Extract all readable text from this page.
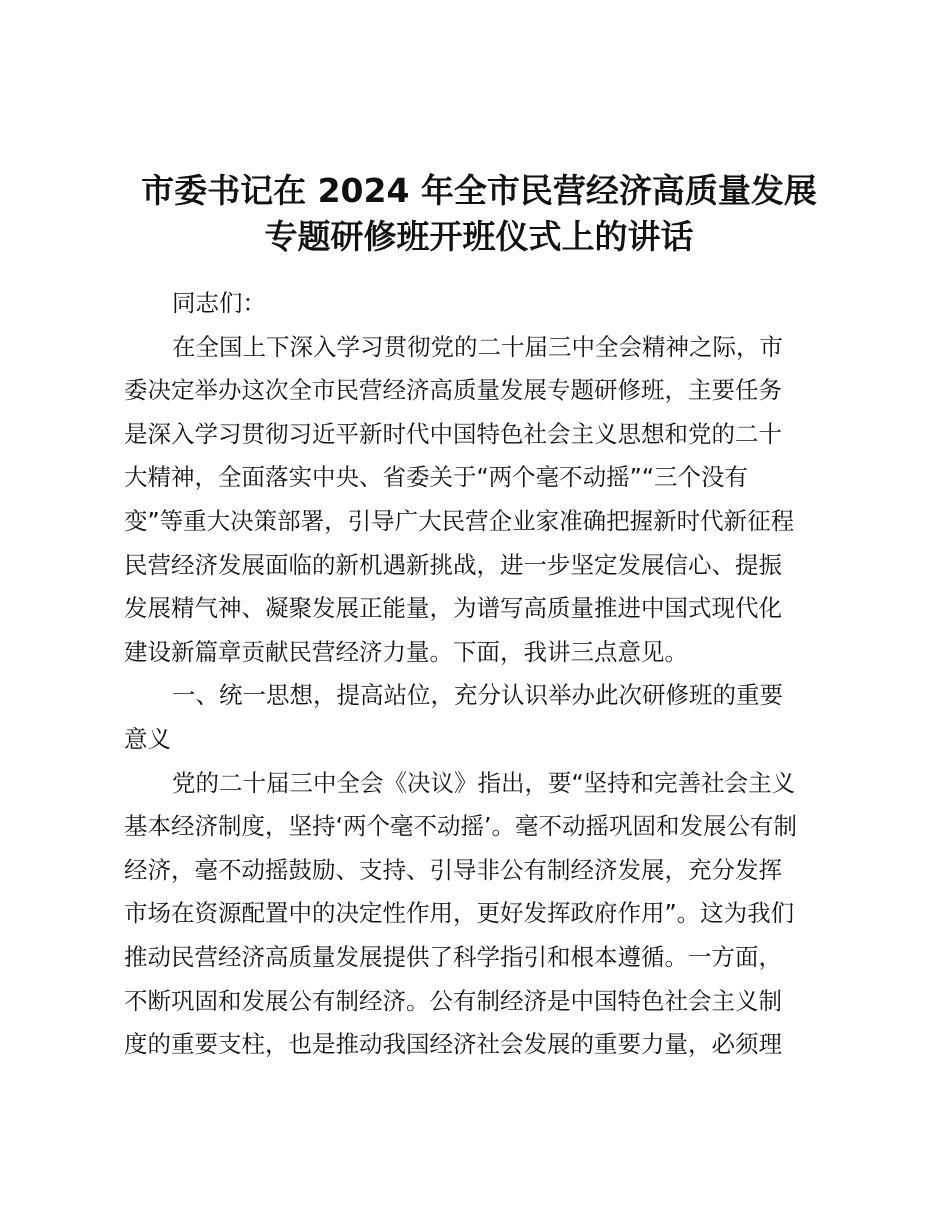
市委书记在 2024 年全市民营经济高质量发展
专题研修班开班仪式上的讲话
同志们：
在全国上下深入学习贯彻党的二十届三中全会精神之际，市
委决定举办这次全市民营经济高质量发展专题研修班，主要任务
是深入学习贯彻习近平新时代中国特色社会主义思想和党的二十
大精神，全面落实中央、省委关于“两个毫不动摇”“三个没有
变”等重大决策部署，引导广大民营企业家准确把握新时代新征程
民营经济发展面临的新机遇新挑战，进一步坚定发展信心、提振
发展精气神、凝聚发展正能量，为谱写高质量推进中国式现代化
建设新篇章贡献民营经济力量。下面，我讲三点意见。
一、统一思想，提高站位，充分认识举办此次研修班的重要
意义
党的二十届三中全会《决议》指出，要“坚持和完善社会主义
基本经济制度，坚持‘两个毫不动摇’。毫不动摇巩固和发展公有制
经济，毫不动摇鼓励、支持、引导非公有制经济发展，充分发挥
市场在资源配置中的决定性作用，更好发挥政府作用”。这为我们
推动民营经济高质量发展提供了科学指引和根本遵循。一方面，
不断巩固和发展公有制经济。公有制经济是中国特色社会主义制
度的重要支柱，也是推动我国经济社会发展的重要力量，必须理
